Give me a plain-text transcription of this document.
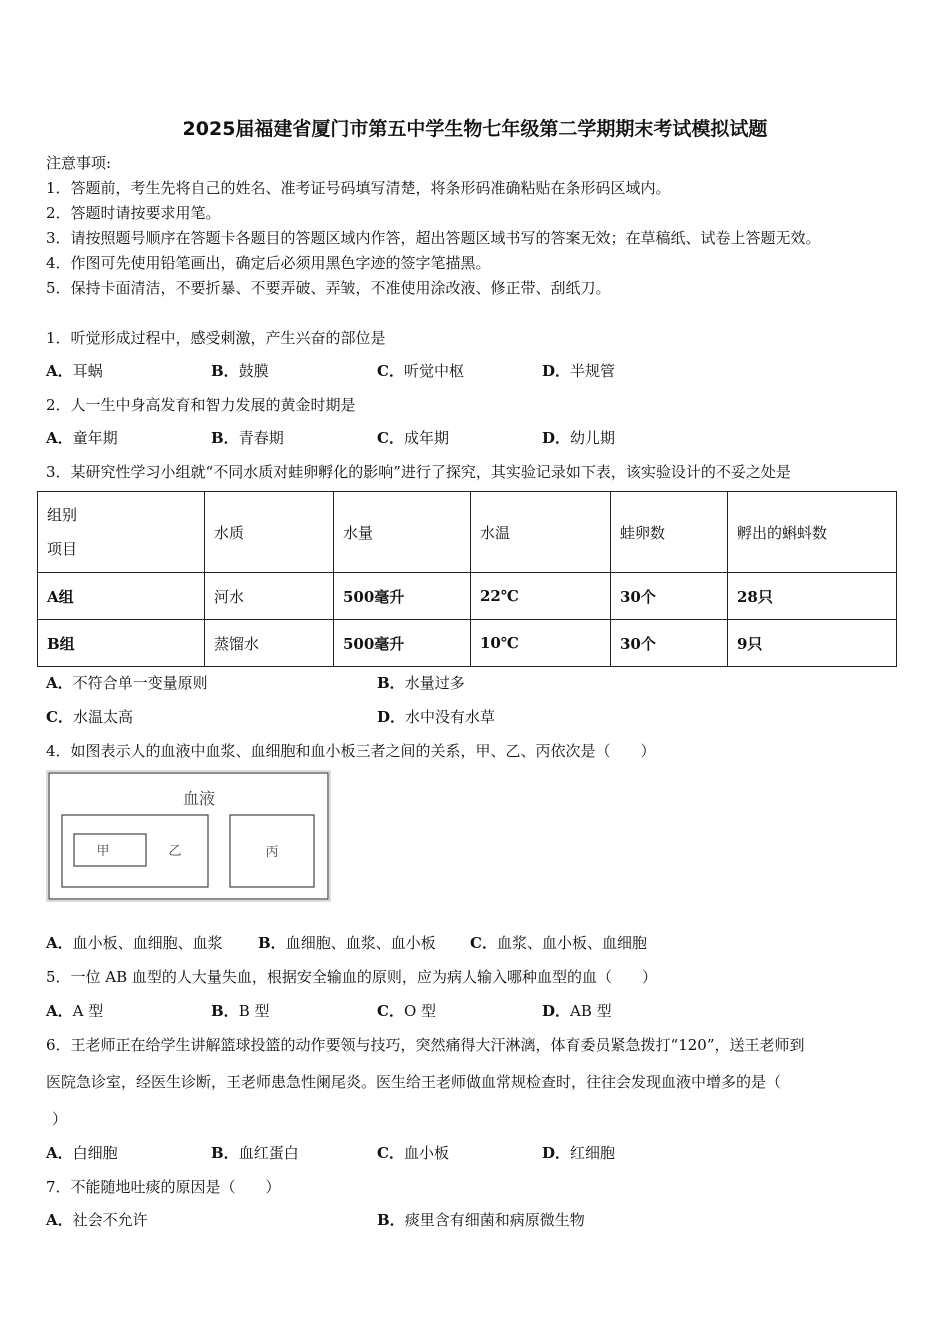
2025届福建省厦门市第五中学生物七年级第二学期期末考试模拟试题
注意事项:
1．答题前，考生先将自己的姓名、准考证号码填写清楚，将条形码准确粘贴在条形码区域内。
2．答题时请按要求用笔。
3．请按照题号顺序在答题卡各题目的答题区域内作答，超出答题区域书写的答案无效；在草稿纸、试卷上答题无效。
4．作图可先使用铅笔画出，确定后必须用黑色字迹的签字笔描黑。
5．保持卡面清洁，不要折暴、不要弄破、弄皱，不准使用涂改液、修正带、刮纸刀。
1．听觉形成过程中，感受刺激，产生兴奋的部位是
A．耳蜗	B．鼓膜	C．听觉中枢	D．半规管
2．人一生中身高发育和智力发展的黄金时期是
A．童年期	B．青春期	C．成年期	D．幼儿期
3．某研究性学习小组就“不同水质对蛙卵孵化的影响”进行了探究，其实验记录如下表，该实验设计的不妥之处是
组别
项目	水质	水量	水温	蛙卵数	孵出的蝌蚪数
A组	河水	500毫升	22℃	30个	28只
B组	蒸馏水	500毫升	10℃	30个	9只
A．不符合单一变量原则	B．水量过多
C．水温太高	D．水中没有水草
4．如图表示人的血液中血浆、血细胞和血小板三者之间的关系，甲、乙、丙依次是（　　）
血液
甲	乙	丙
A．血小板、血细胞、血浆 B．血细胞、血浆、血小板 C．血浆、血小板、血细胞
5．一位 AB 血型的人大量失血，根据安全输血的原则，应为病人输入哪种血型的血（　　）
A．A 型	B．B 型	C．O 型	D．AB 型
6．王老师正在给学生讲解篮球投篮的动作要领与技巧，突然痛得大汗淋漓，体育委员紧急拨打“120”，送王老师到
医院急诊室，经医生诊断，王老师患急性阑尾炎。医生给王老师做血常规检查时，往往会发现血液中增多的是（
）
A．白细胞	B．血红蛋白	C．血小板	D．红细胞
7．不能随地吐痰的原因是（　　）
A．社会不允许	B．痰里含有细菌和病原微生物
